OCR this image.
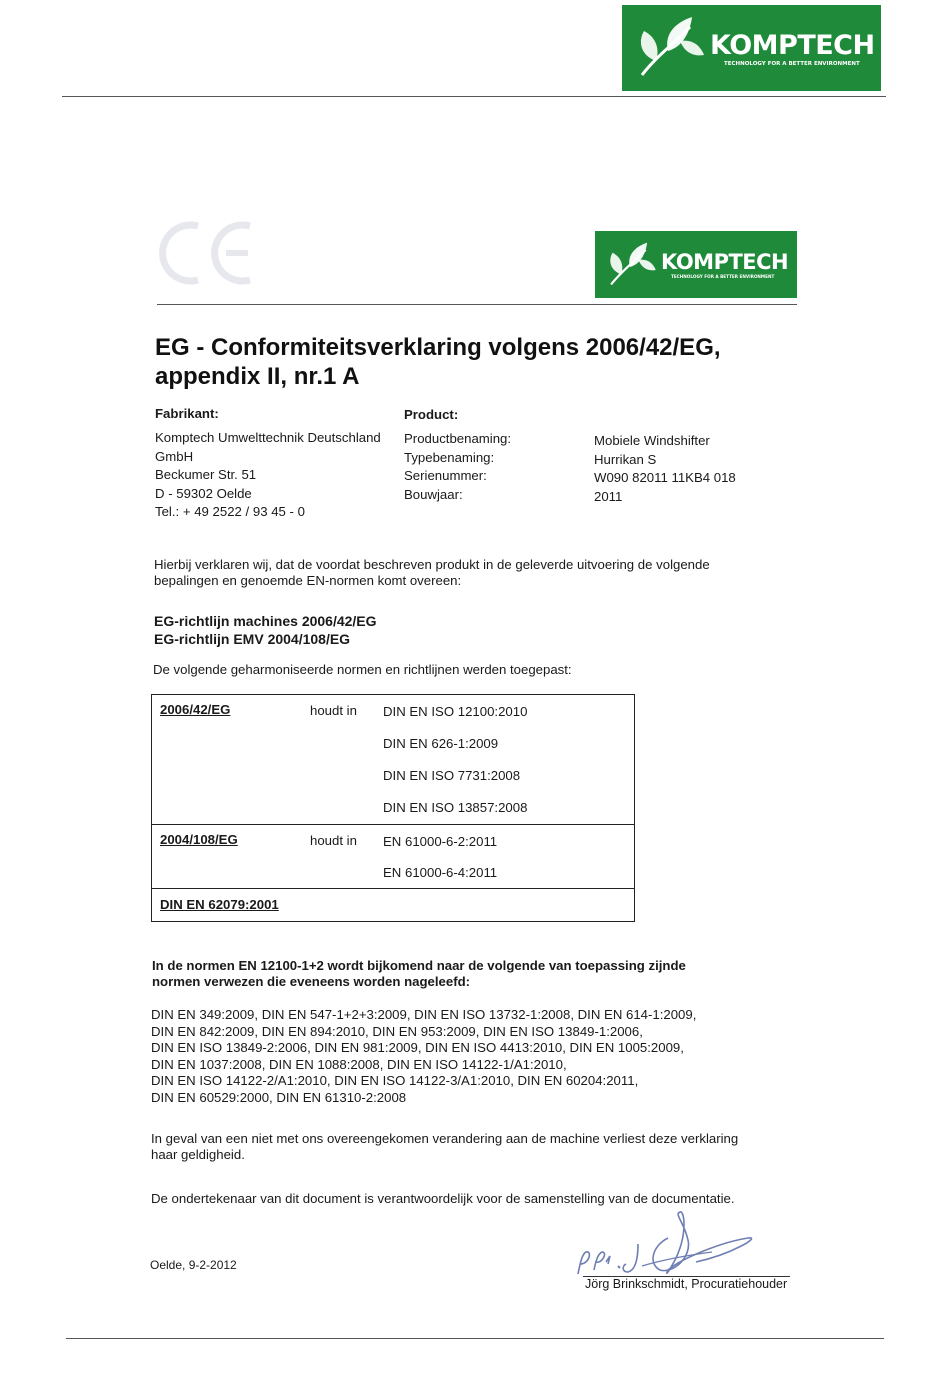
KOMPTECH
TECHNOLOGY FOR A BETTER ENVIRONMENT
KOMPTECH
TECHNOLOGY FOR A BETTER ENVIRONMENT
EG - Conformiteitsverklaring volgens 2006/42/EG,
appendix II, nr.1 A
Fabrikant:
Komptech Umwelttechnik Deutschland
GmbH
Beckumer Str. 51
D - 59302 Oelde
Tel.: + 49 2522 / 93 45 - 0
Product:
Productbenaming:
Typebenaming:
Serienummer:
Bouwjaar:
Mobiele Windshifter
Hurrikan S
W090 82011 11KB4 018
2011
Hierbij verklaren wij, dat de voordat beschreven produkt in de geleverde uitvoering de volgende
bepalingen en genoemde EN-normen komt overeen:
EG-richtlijn machines 2006/42/EG
EG-richtlijn EMV 2004/108/EG
De volgende geharmoniseerde normen en richtlijnen werden toegepast:
2006/42/EG	houdt in DIN EN ISO 12100:2010
DIN EN 626-1:2009
DIN EN ISO 7731:2008
DIN EN ISO 13857:2008
2004/108/EG	houdt in EN 61000-6-2:2011
EN 61000-6-4:2011
DIN EN 62079:2001
In de normen EN 12100-1+2 wordt bijkomend naar de volgende van toepassing zijnde
normen verwezen die eveneens worden nageleefd:
DIN EN 349:2009, DIN EN 547-1+2+3:2009, DIN EN ISO 13732-1:2008, DIN EN 614-1:2009,
DIN EN 842:2009, DIN EN 894:2010, DIN EN 953:2009, DIN EN ISO 13849-1:2006,
DIN EN ISO 13849-2:2006, DIN EN 981:2009, DIN EN ISO 4413:2010, DIN EN 1005:2009,
DIN EN 1037:2008, DIN EN 1088:2008, DIN EN ISO 14122-1/A1:2010,
DIN EN ISO 14122-2/A1:2010, DIN EN ISO 14122-3/A1:2010, DIN EN 60204:2011,
DIN EN 60529:2000, DIN EN 61310-2:2008
In geval van een niet met ons overeengekomen verandering aan de machine verliest deze verklaring
haar geldigheid.
De ondertekenaar van dit document is verantwoordelijk voor de samenstelling van de documentatie.
Oelde, 9-2-2012
Jörg Brinkschmidt, Procuratiehouder
